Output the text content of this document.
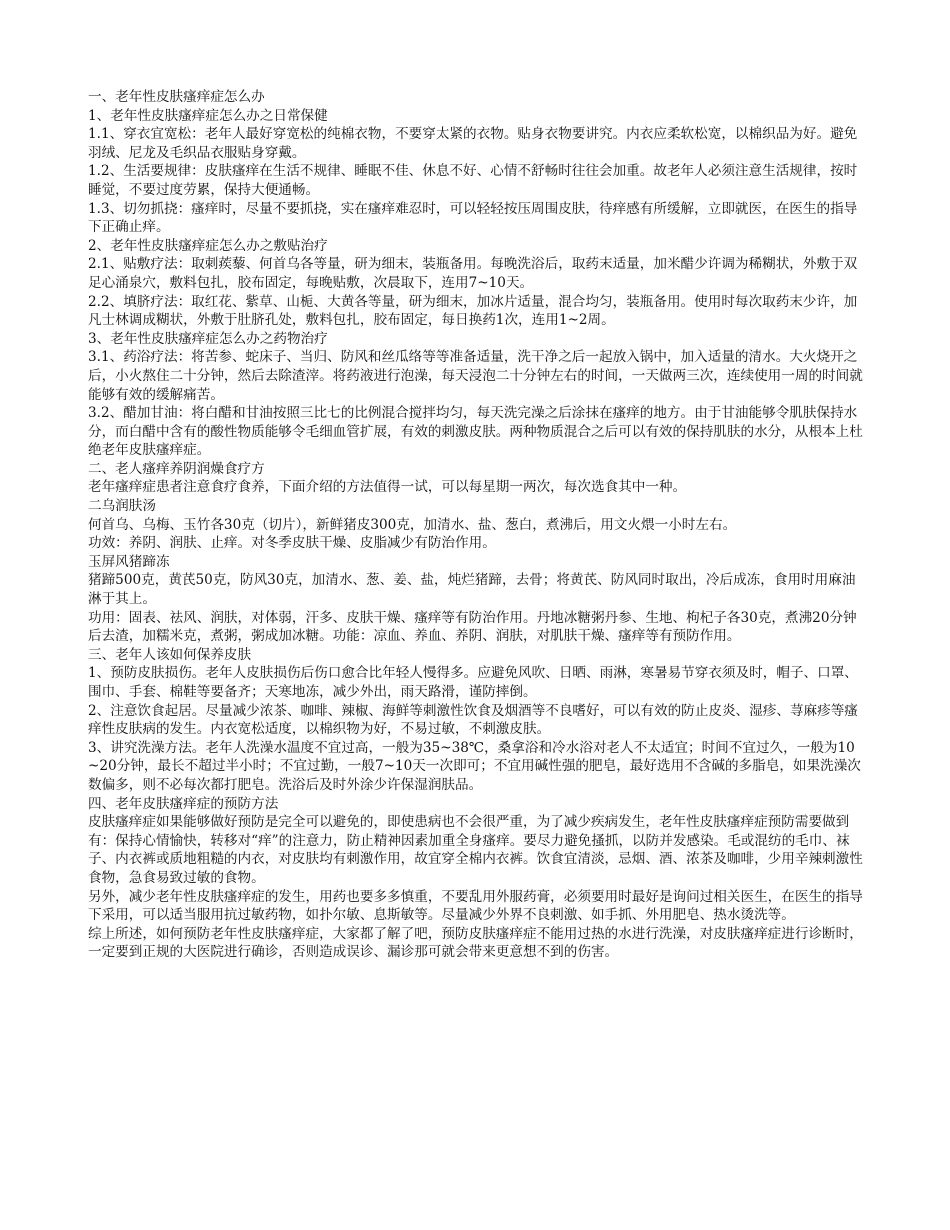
一、老年性皮肤瘙痒症怎么办

1、老年性皮肤瘙痒症怎么办之日常保健

1.1、穿衣宜宽松：老年人最好穿宽松的纯棉衣物，不要穿太紧的衣物。贴身衣物要讲究。内衣应柔软松宽，以棉织品为好。避免羽绒、尼龙及毛织品衣服贴身穿戴。

1.2、生活要规律：皮肤瘙痒在生活不规律、睡眠不佳、休息不好、心情不舒畅时往往会加重。故老年人必须注意生活规律，按时睡觉，不要过度劳累，保持大便通畅。

1.3、切勿抓挠：瘙痒时，尽量不要抓挠，实在瘙痒难忍时，可以轻轻按压周围皮肤，待痒感有所缓解，立即就医，在医生的指导下正确止痒。

2、老年性皮肤瘙痒症怎么办之敷贴治疗

2.1、贴敷疗法：取刺蒺藜、何首乌各等量，研为细末，装瓶备用。每晚洗浴后，取药末适量，加米醋少许调为稀糊状，外敷于双足心涌泉穴，敷料包扎，胶布固定，每晚贴敷，次晨取下，连用7~10天。

2.2、填脐疗法：取红花、紫草、山栀、大黄各等量，研为细末，加冰片适量，混合均匀，装瓶备用。使用时每次取药末少许，加凡士林调成糊状，外敷于肚脐孔处，敷料包扎，胶布固定，每日换药1次，连用1~2周。

3、老年性皮肤瘙痒症怎么办之药物治疗

3.1、药浴疗法：将苦参、蛇床子、当归、防风和丝瓜络等等准备适量，洗干净之后一起放入锅中，加入适量的清水。大火烧开之后，小火熬住二十分钟，然后去除渣滓。将药液进行泡澡，每天浸泡二十分钟左右的时间，一天做两三次，连续使用一周的时间就能够有效的缓解痛苦。

3.2、醋加甘油：将白醋和甘油按照三比七的比例混合搅拌均匀，每天洗完澡之后涂抹在瘙痒的地方。由于甘油能够令肌肤保持水分，而白醋中含有的酸性物质能够令毛细血管扩展，有效的刺激皮肤。两种物质混合之后可以有效的保持肌肤的水分，从根本上杜绝老年皮肤瘙痒症。

二、老人瘙痒养阴润燥食疗方

老年瘙痒症患者注意食疗食养，下面介绍的方法值得一试，可以每星期一两次，每次选食其中一种。

二乌润肤汤

何首乌、乌梅、玉竹各30克（切片），新鲜猪皮300克，加清水、盐、葱白，煮沸后，用文火煨一小时左右。

功效：养阴、润肤、止痒。对冬季皮肤干燥、皮脂减少有防治作用。

玉屏风猪蹄冻

猪蹄500克，黄芪50克，防风30克，加清水、葱、姜、盐，炖烂猪蹄，去骨；将黄芪、防风同时取出，冷后成冻，食用时用麻油淋于其上。

功用：固表、祛风、润肤，对体弱，汗多、皮肤干燥、瘙痒等有防治作用。丹地冰糖粥丹参、生地、枸杞子各30克，煮沸20分钟后去渣，加糯米克，煮粥，粥成加冰糖。功能：凉血、养血、养阴、润肤，对肌肤干燥、瘙痒等有预防作用。

三、老年人该如何保养皮肤

1、预防皮肤损伤。老年人皮肤损伤后伤口愈合比年轻人慢得多。应避免风吹、日晒、雨淋，寒暑易节穿衣须及时，帽子、口罩、围巾、手套、棉鞋等要备齐；天寒地冻，减少外出，雨天路滑，谨防摔倒。

2、注意饮食起居。尽量减少浓茶、咖啡、辣椒、海鲜等刺激性饮食及烟酒等不良嗜好，可以有效的防止皮炎、湿疹、荨麻疹等瘙痒性皮肤病的发生。内衣宽松适度，以棉织物为好，不易过敏，不刺激皮肤。

3、讲究洗澡方法。老年人洗澡水温度不宜过高，一般为35~38℃，桑拿浴和冷水浴对老人不太适宜；时间不宜过久，一般为10~20分钟，最长不超过半小时；不宜过勤，一般7~10天一次即可；不宜用碱性强的肥皂，最好选用不含碱的多脂皂，如果洗澡次数偏多，则不必每次都打肥皂。洗浴后及时外涂少许保湿润肤品。

四、老年皮肤瘙痒症的预防方法

皮肤瘙痒症如果能够做好预防是完全可以避免的，即使患病也不会很严重，为了减少疾病发生，老年性皮肤瘙痒症预防需要做到有：保持心情愉快，转移对“痒”的注意力，防止精神因素加重全身瘙痒。要尽力避免搔抓，以防并发感染。毛或混纺的毛巾、袜子、内衣裤或质地粗糙的内衣，对皮肤均有刺激作用，故宜穿全棉内衣裤。饮食宜清淡，忌烟、酒、浓茶及咖啡，少用辛辣刺激性食物，急食易致过敏的食物。

另外，减少老年性皮肤瘙痒症的发生，用药也要多多慎重，不要乱用外服药膏，必须要用时最好是询问过相关医生，在医生的指导下采用，可以适当服用抗过敏药物，如扑尔敏、息斯敏等。尽量减少外界不良刺激、如手抓、外用肥皂、热水烫洗等。

综上所述，如何预防老年性皮肤瘙痒症，大家都了解了吧，预防皮肤瘙痒症不能用过热的水进行洗澡，对皮肤瘙痒症进行诊断时，一定要到正规的大医院进行确诊，否则造成误诊、漏诊那可就会带来更意想不到的伤害。
